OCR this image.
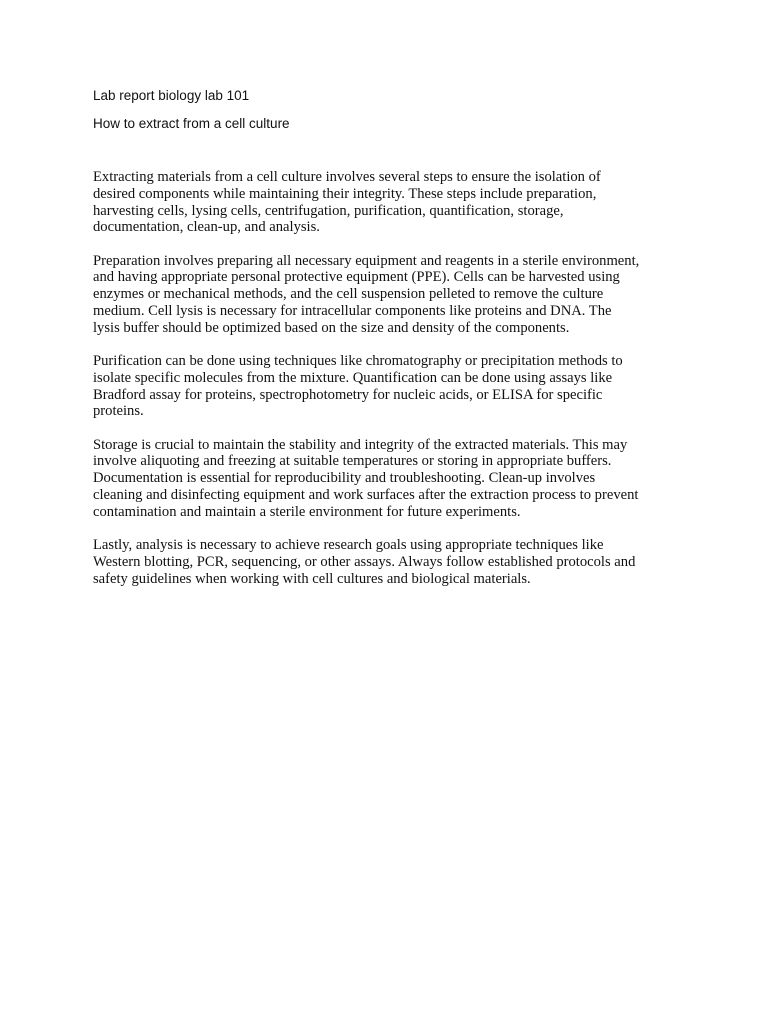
Lab report biology lab 101

How to extract from a cell culture

Extracting materials from a cell culture involves several steps to ensure the isolation of
desired components while maintaining their integrity. These steps include preparation,
harvesting cells, lysing cells, centrifugation, purification, quantification, storage,
documentation, clean-up, and analysis.

Preparation involves preparing all necessary equipment and reagents in a sterile environment,
and having appropriate personal protective equipment (PPE). Cells can be harvested using
enzymes or mechanical methods, and the cell suspension pelleted to remove the culture
medium. Cell lysis is necessary for intracellular components like proteins and DNA. The
lysis buffer should be optimized based on the size and density of the components.

Purification can be done using techniques like chromatography or precipitation methods to
isolate specific molecules from the mixture. Quantification can be done using assays like
Bradford assay for proteins, spectrophotometry for nucleic acids, or ELISA for specific
proteins.

Storage is crucial to maintain the stability and integrity of the extracted materials. This may
involve aliquoting and freezing at suitable temperatures or storing in appropriate buffers.
Documentation is essential for reproducibility and troubleshooting. Clean-up involves
cleaning and disinfecting equipment and work surfaces after the extraction process to prevent
contamination and maintain a sterile environment for future experiments.

Lastly, analysis is necessary to achieve research goals using appropriate techniques like
Western blotting, PCR, sequencing, or other assays. Always follow established protocols and
safety guidelines when working with cell cultures and biological materials.
